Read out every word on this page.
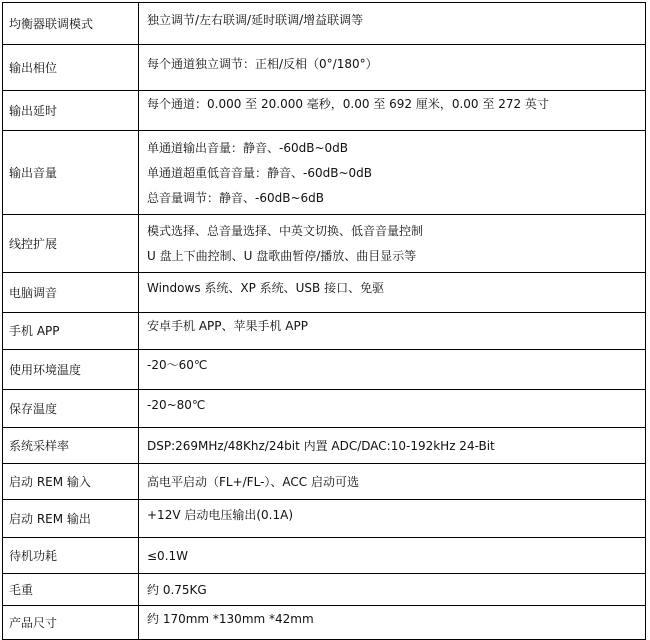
均衡器联调模式	独立调节/左右联调/延时联调/增益联调等

输出相位	每个通道独立调节：正相/反相（0°/180°）

输出延时	每个通道：0.000 至 20.000 毫秒，0.00 至 692 厘米，0.00 至 272 英寸

输出音量	单通道输出音量：静音、-60dB~0dB
单通道超重低音音量：静音、-60dB~0dB
总音量调节：静音、-60dB~6dB

线控扩展	模式选择、总音量选择、中英文切换、低音音量控制
U 盘上下曲控制、U 盘歌曲暂停/播放、曲目显示等

电脑调音	Windows 系统、XP 系统、USB 接口、免驱

手机 APP	安卓手机 APP、苹果手机 APP

使用环境温度	-20～60℃

保存温度	-20~80℃

系统采样率	DSP:269MHz/48Khz/24bit 内置 ADC/DAC:10-192kHz 24-Bit

启动 REM 输入	高电平启动（FL+/FL-）、ACC 启动可选

启动 REM 输出	+12V 启动电压输出(0.1A)

待机功耗	≤0.1W

毛重	约 0.75KG

产品尺寸	约 170mm *130mm *42mm
